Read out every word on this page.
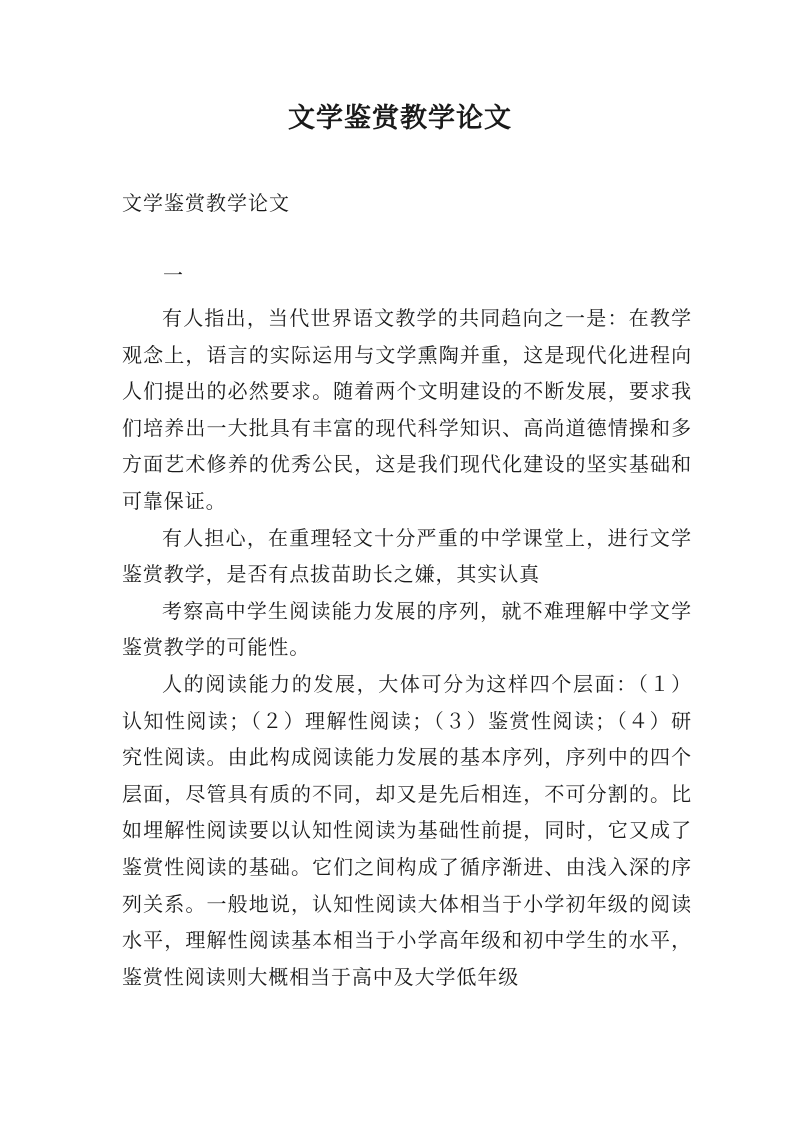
文学鉴赏教学论文

文学鉴赏教学论文

一

有人指出，当代世界语文教学的共同趋向之一是：在教学观念上，语言的实际运用与文学熏陶并重，这是现代化进程向人们提出的必然要求。随着两个文明建设的不断发展，要求我们培养出一大批具有丰富的现代科学知识、高尚道德情操和多方面艺术修养的优秀公民，这是我们现代化建设的坚实基础和可靠保证。

有人担心，在重理轻文十分严重的中学课堂上，进行文学鉴赏教学，是否有点拔苗助长之嫌，其实认真

考察高中学生阅读能力发展的序列，就不难理解中学文学鉴赏教学的可能性。

人的阅读能力的发展，大体可分为这样四个层面：（１）认知性阅读；（２）理解性阅读；（３）鉴赏性阅读；（４）研究性阅读。由此构成阅读能力发展的基本序列，序列中的四个层面，尽管具有质的不同，却又是先后相连，不可分割的。比如埋解性阅读要以认知性阅读为基础性前提，同时，它又成了鉴赏性阅读的基础。它们之间构成了循序渐进、由浅入深的序列关系。一般地说，认知性阅读大体相当于小学初年级的阅读水平，理解性阅读基本相当于小学高年级和初中学生的水平，鉴赏性阅读则大概相当于高中及大学低年级
